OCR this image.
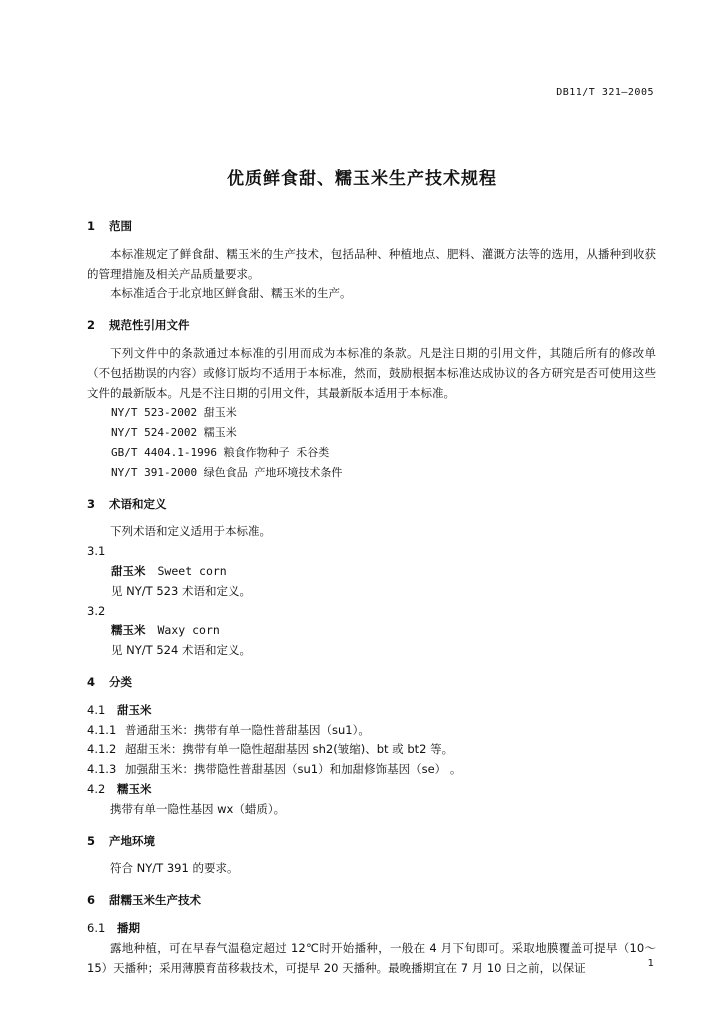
DB11/T 321—2005
优质鲜食甜、糯玉米生产技术规程

1 范围

本标准规定了鲜食甜、糯玉米的生产技术，包括品种、种植地点、肥料、灌溉方法等的选用，从播种到收获的管理措施及相关产品质量要求。

本标准适合于北京地区鲜食甜、糯玉米的生产。

2 规范性引用文件

下列文件中的条款通过本标准的引用而成为本标准的条款。凡是注日期的引用文件，其随后所有的修改单（不包括勘误的内容）或修订版均不适用于本标准，然而，鼓励根据本标准达成协议的各方研究是否可使用这些文件的最新版本。凡是不注日期的引用文件，其最新版本适用于本标准。

NY/T 523-2002 甜玉米

NY/T 524-2002 糯玉米

GB/T 4404.1-1996 粮食作物种子 禾谷类

NY/T 391-2000 绿色食品 产地环境技术条件

3 术语和定义

下列术语和定义适用于本标准。

3.1

甜玉米 Sweet corn

见 NY/T 523 术语和定义。

3.2

糯玉米 Waxy corn

见 NY/T 524 术语和定义。

4 分类

4.1 甜玉米

4.1.1 普通甜玉米：携带有单一隐性普甜基因（su1）。

4.1.2 超甜玉米：携带有单一隐性超甜基因 sh2(皱缩)、bt 或 bt2 等。

4.1.3 加强甜玉米：携带隐性普甜基因（su1）和加甜修饰基因（se） 。

4.2 糯玉米

携带有单一隐性基因 wx（蜡质）。

5 产地环境

符合 NY/T 391 的要求。

6 甜糯玉米生产技术

6.1 播期

露地种植，可在早春气温稳定超过 12℃时开始播种，一般在 4 月下旬即可。采取地膜覆盖可提早（10～15）天播种；采用薄膜育苗移栽技术，可提早 20 天播种。最晚播期宜在 7 月 10 日之前，以保证	1
